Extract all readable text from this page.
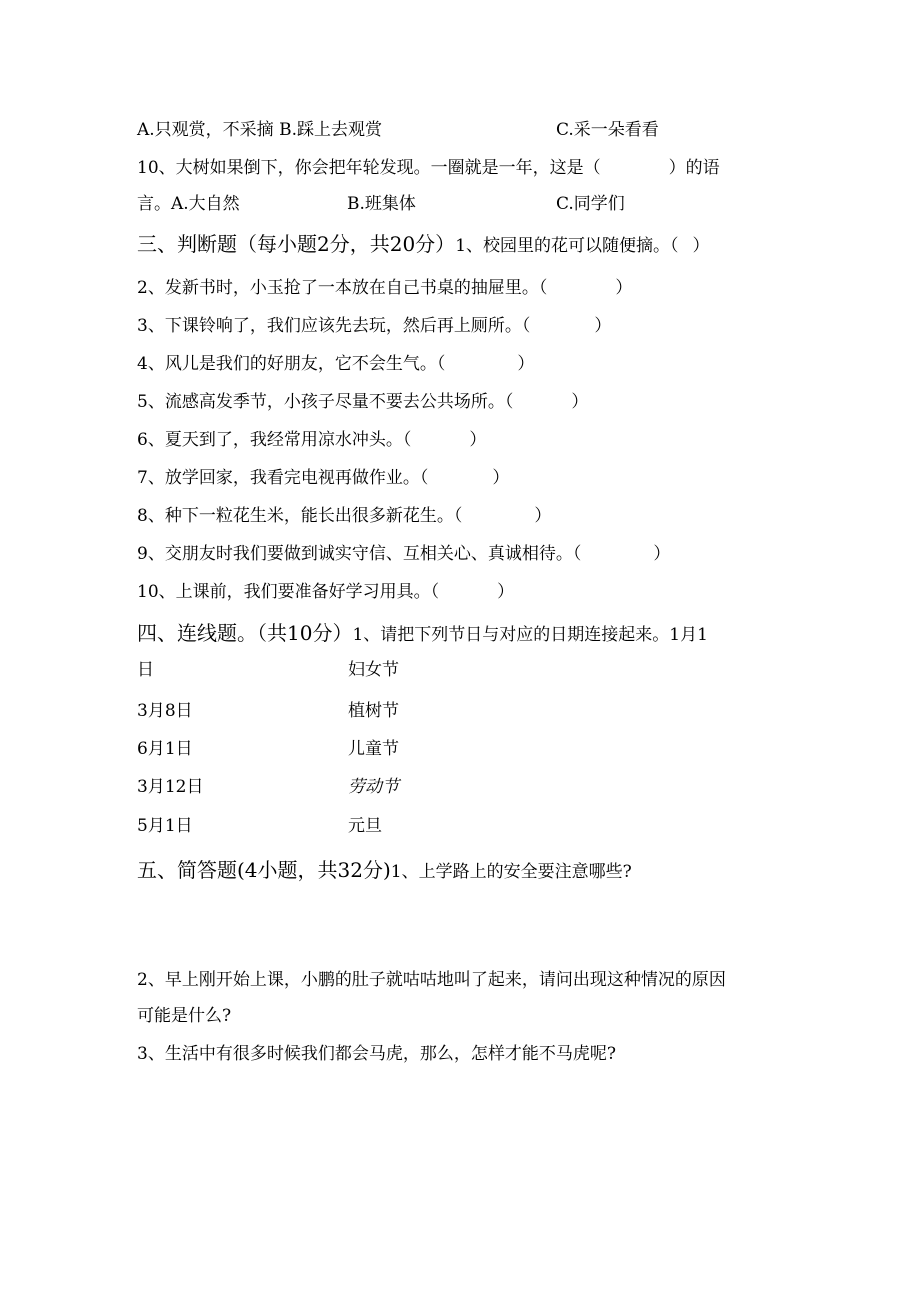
A.只观赏，不采摘 B.踩上去观赏	C.采一朵看看
10、大树如果倒下，你会把年轮发现。一圈就是一年，这是（	）的语
言。A.大自然	B.班集体	C.同学们
三、判断题（每小题2分，共20分）1、校园里的花可以随便摘。（ ）
2、发新书时，小玉抢了一本放在自己书桌的抽屉里。（	）
3、下课铃响了，我们应该先去玩，然后再上厕所。（	）
4、风儿是我们的好朋友，它不会生气。（	）
5、流感高发季节，小孩子尽量不要去公共场所。（	）
6、夏天到了，我经常用凉水冲头。（	）
7、放学回家，我看完电视再做作业。（	）
8、种下一粒花生米，能长出很多新花生。（	）
9、交朋友时我们要做到诚实守信、互相关心、真诚相待。（	）
10、上课前，我们要准备好学习用具。（	）
四、连线题。（共10分）1、请把下列节日与对应的日期连接起来。1月1
日	妇女节
3月8日	植树节
6月1日	儿童节
3月12日	劳动节
5月1日	元旦
五、简答题(4小题，共32分)1、上学路上的安全要注意哪些?
2、早上刚开始上课，小鹏的肚子就咕咕地叫了起来，请问出现这种情况的原因
可能是什么?
3、生活中有很多时候我们都会马虎，那么，怎样才能不马虎呢?
